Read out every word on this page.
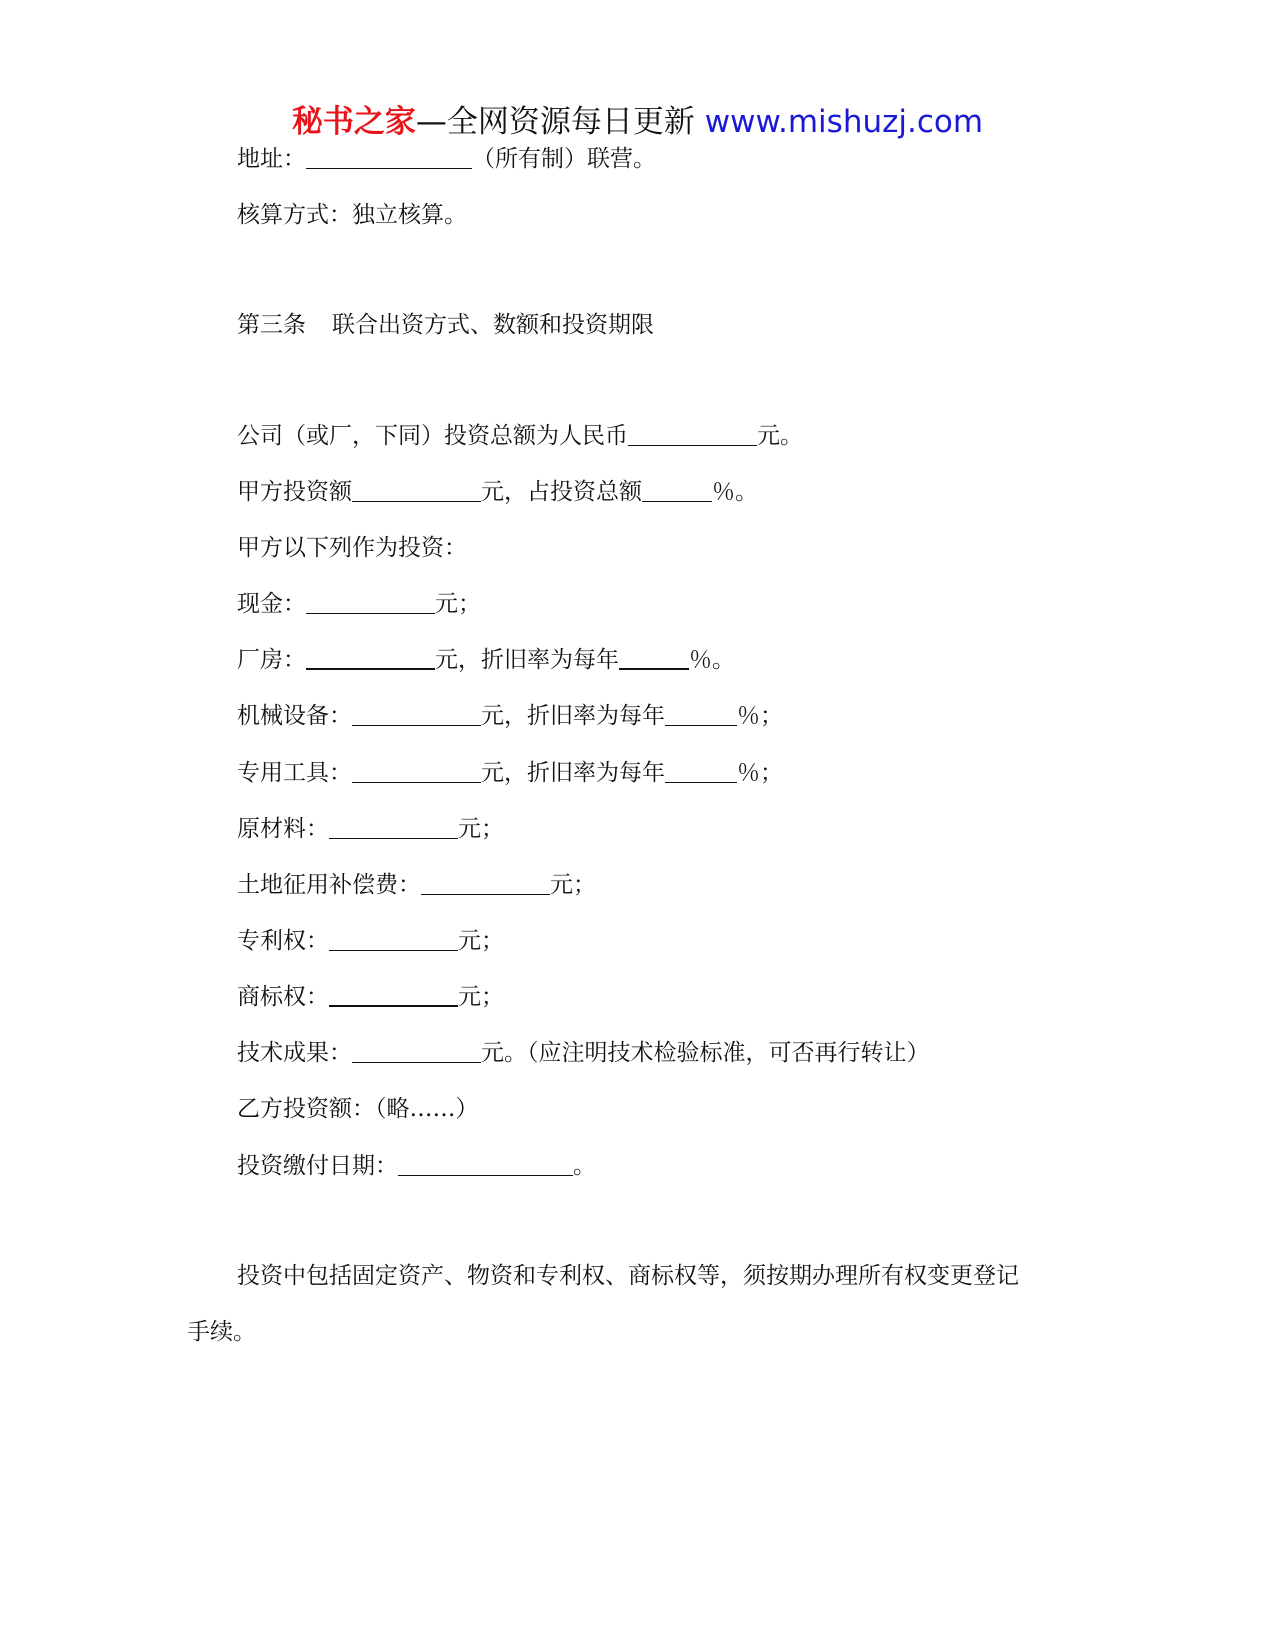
秘书之家—全网资源每日更新 www.mishuzj.com
地址：	（所有制）联营。
核算方式：独立核算。
第三条 联合出资方式、数额和投资期限
公司（或厂，下同）投资总额为人民币	元。
甲方投资额	元，占投资总额	％。
甲方以下列作为投资：
现金：	元；
厂房：	元，折旧率为每年	％。
机械设备：	元，折旧率为每年	％；
专用工具：	元，折旧率为每年	％；
原材料：	元；
土地征用补偿费：	元；
专利权：	元；
商标权：	元；
技术成果：	元。（应注明技术检验标准，可否再行转让）
乙方投资额：（略……）
投资缴付日期：	。
投资中包括固定资产、物资和专利权、商标权等，须按期办理所有权变更登记
手续。
